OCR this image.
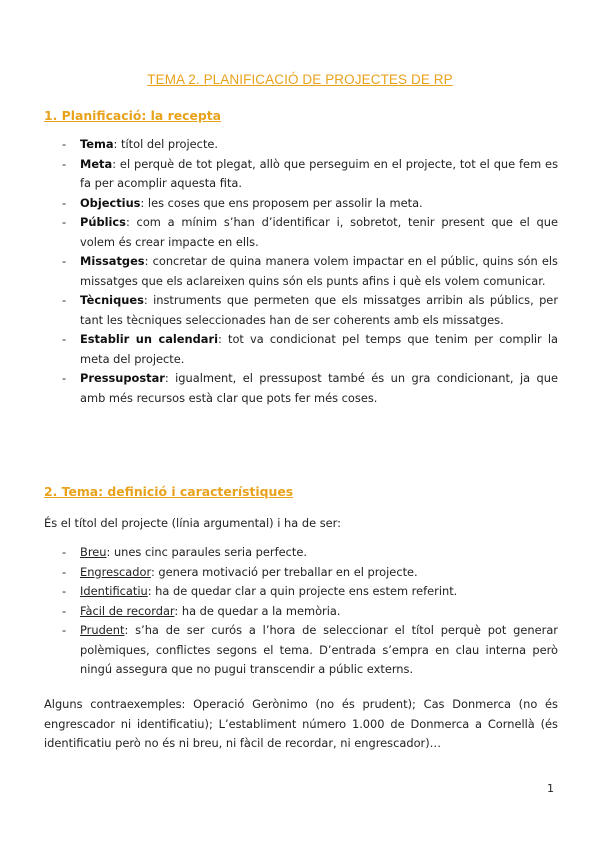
TEMA 2. PLANIFICACIÓ DE PROJECTES DE RP
1. Planificació: la recepta
- Tema: títol del projecte.
- Meta: el perquè de tot plegat, allò que perseguim en el projecte, tot el que fem es fa per acomplir aquesta fita.
- Objectius: les coses que ens proposem per assolir la meta.
- Públics: com a mínim s’han d’identificar i, sobretot, tenir present que el que volem és crear impacte en ells.
- Missatges: concretar de quina manera volem impactar en el públic, quins són els missatges que els aclareixen quins són els punts afins i què els volem comunicar.
- Tècniques: instruments que permeten que els missatges arribin als públics, per tant les tècniques seleccionades han de ser coherents amb els missatges.
- Establir un calendari: tot va condicionat pel temps que tenim per complir la meta del projecte.
- Pressupostar: igualment, el pressupost també és un gra condicionant, ja que amb més recursos està clar que pots fer més coses.
2. Tema: definició i característiques

És el títol del projecte (línia argumental) i ha de ser:

- Breu: unes cinc paraules seria perfecte.
- Engrescador: genera motivació per treballar en el projecte.
- Identificatiu: ha de quedar clar a quin projecte ens estem referint.
- Fàcil de recordar: ha de quedar a la memòria.
- Prudent: s’ha de ser curós a l’hora de seleccionar el títol perquè pot generar polèmiques, conflictes segons el tema. D’entrada s’empra en clau interna però ningú assegura que no pugui transcendir a públic externs.

Alguns contraexemples: Operació Gerònimo (no és prudent); Cas Donmerca (no és engrescador ni identificatiu); L’establiment número 1.000 de Donmerca a Cornellà (és identificatiu però no és ni breu, ni fàcil de recordar, ni engrescador)…

1
